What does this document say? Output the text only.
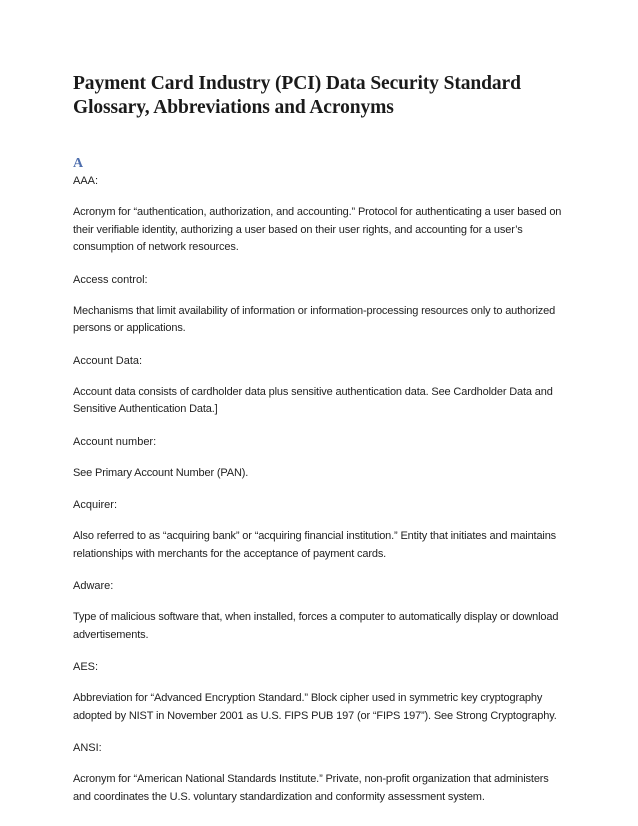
Payment Card Industry (PCI) Data Security Standard
Glossary, Abbreviations and Acronyms
A

AAA:

Acronym for “authentication, authorization, and accounting.” Protocol for authenticating a user based on their verifiable identity, authorizing a user based on their user rights, and accounting for a user’s consumption of network resources.

Access control:

Mechanisms that limit availability of information or information-processing resources only to authorized persons or applications.

Account Data:

Account data consists of cardholder data plus sensitive authentication data. See Cardholder Data and Sensitive Authentication Data.]

Account number:

See Primary Account Number (PAN).

Acquirer:

Also referred to as “acquiring bank” or “acquiring financial institution.” Entity that initiates and maintains relationships with merchants for the acceptance of payment cards.

Adware:

Type of malicious software that, when installed, forces a computer to automatically display or download advertisements.

AES:

Abbreviation for “Advanced Encryption Standard.” Block cipher used in symmetric key cryptography adopted by NIST in November 2001 as U.S. FIPS PUB 197 (or “FIPS 197”). See Strong Cryptography.

ANSI:

Acronym for “American National Standards Institute.” Private, non-profit organization that administers and coordinates the U.S. voluntary standardization and conformity assessment system.
